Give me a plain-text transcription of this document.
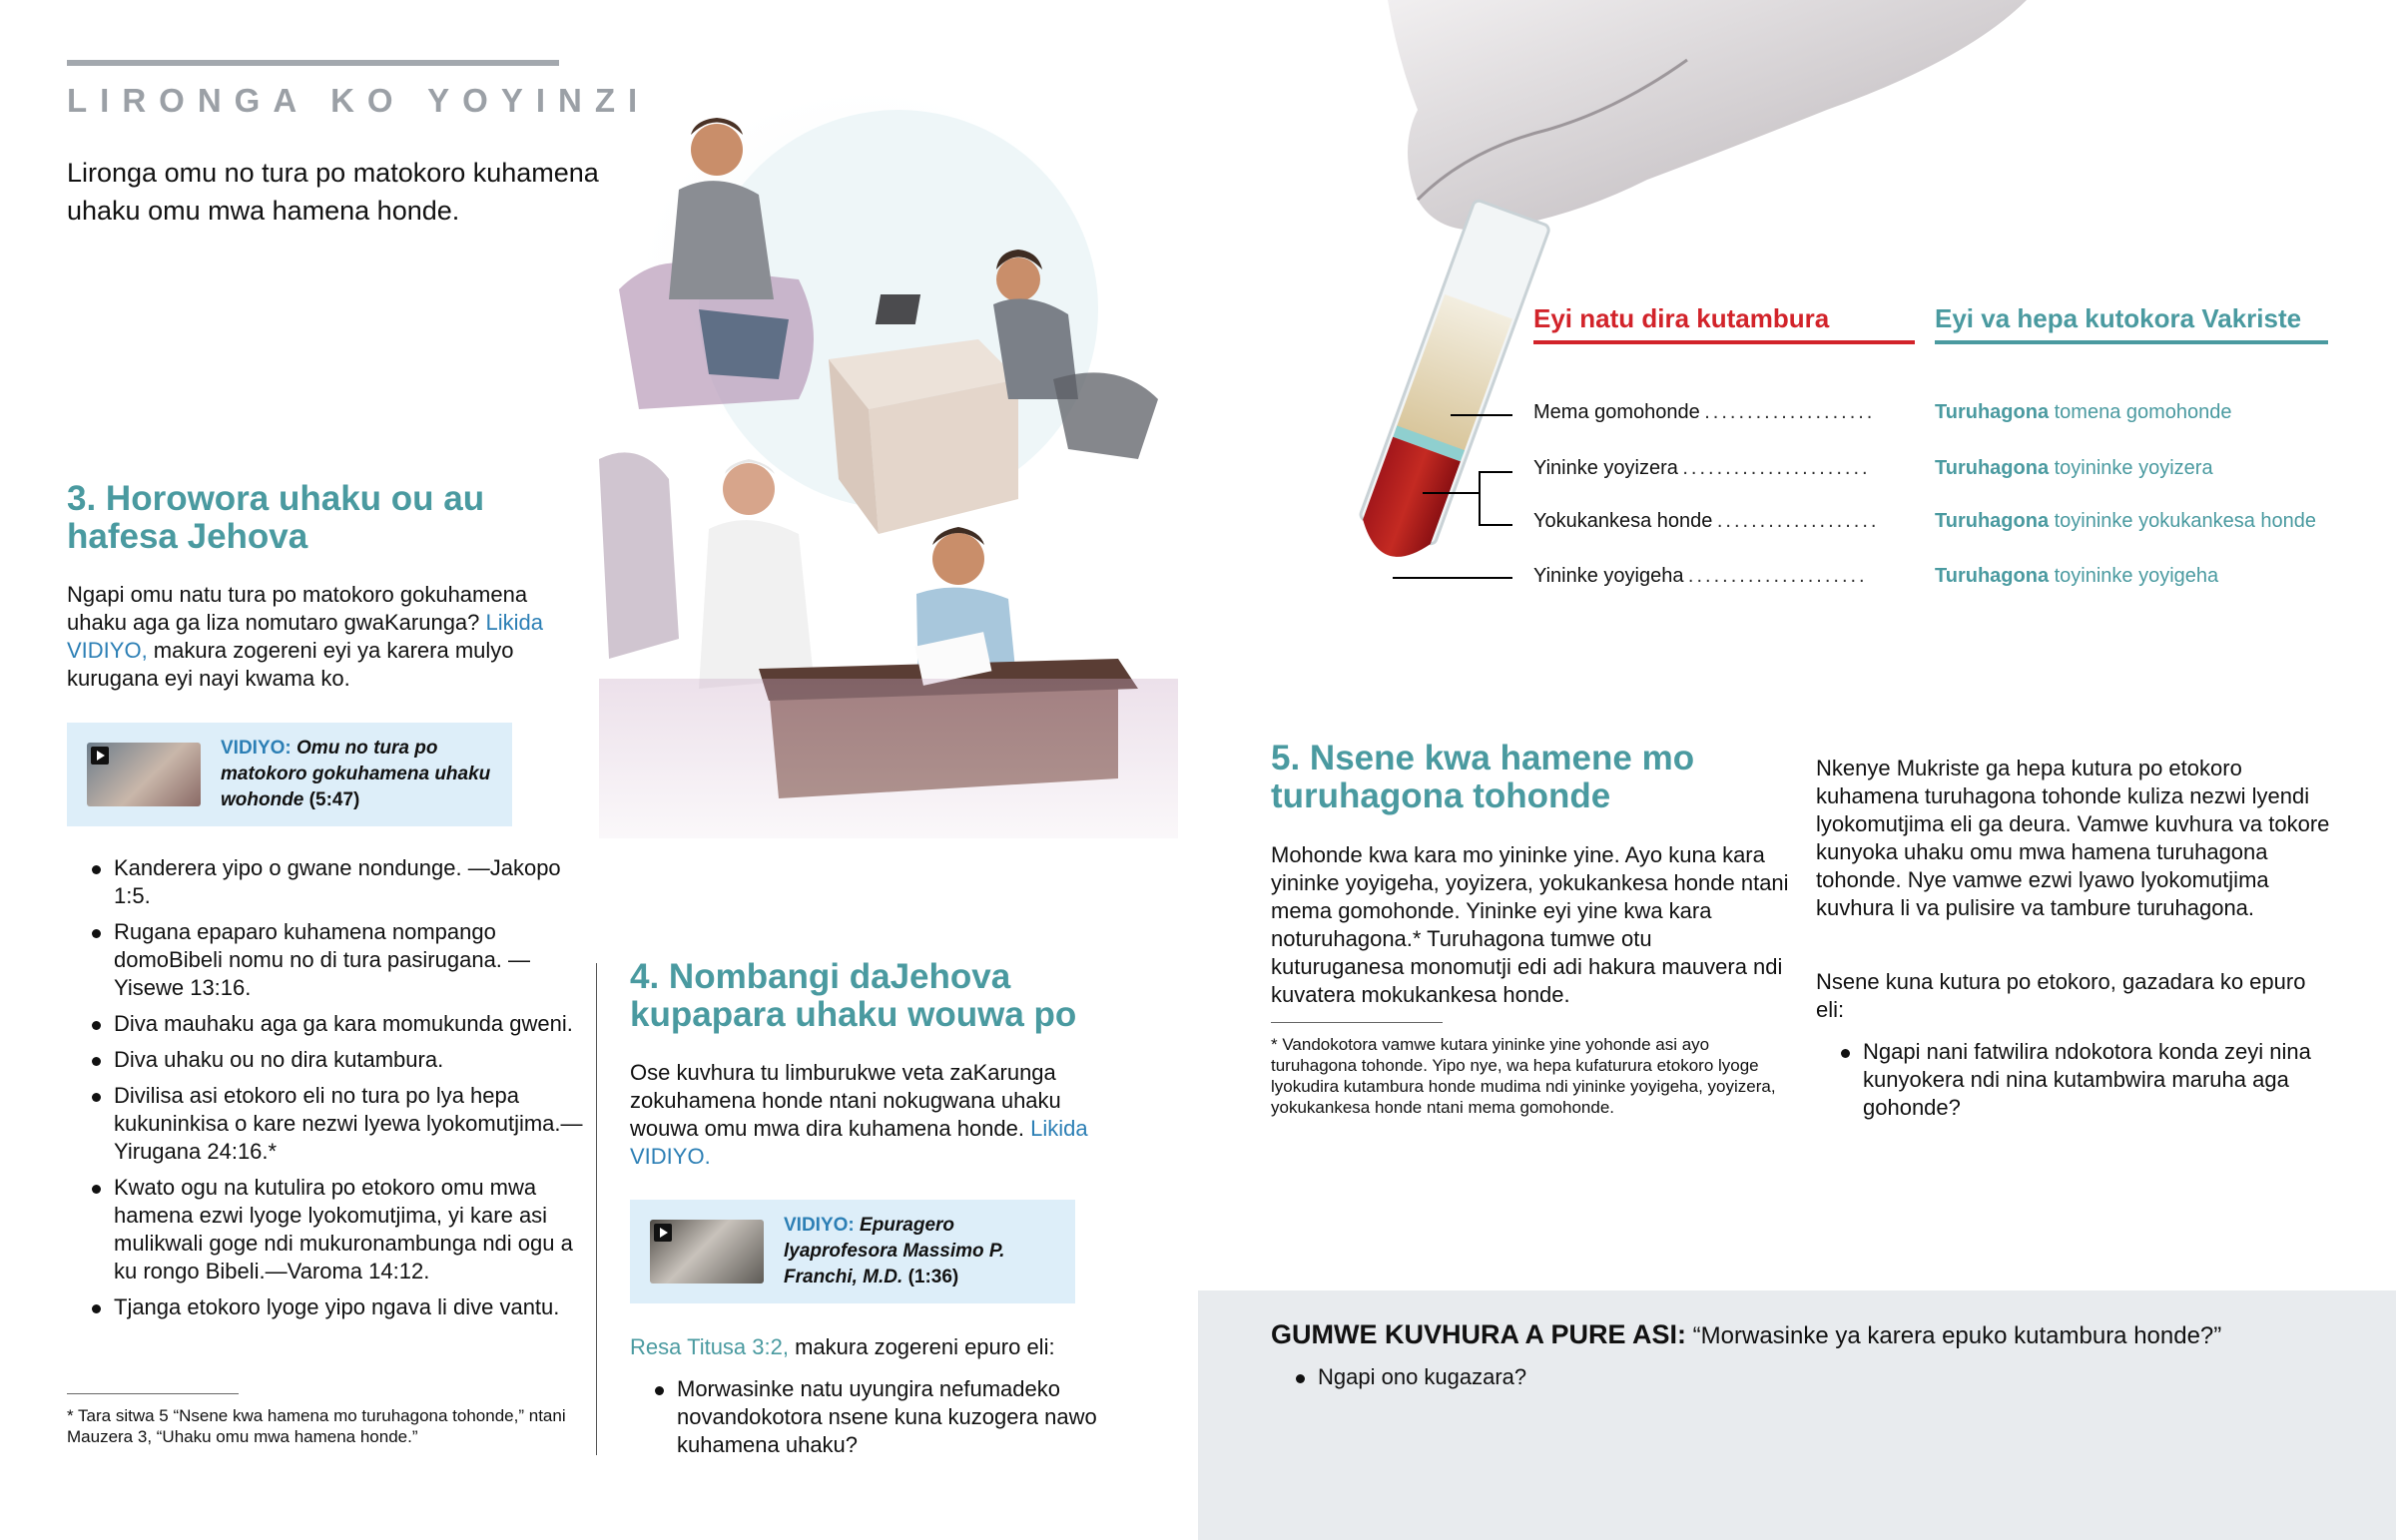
LIRONGA KO YOYINZI
Lironga omu no tura po matokoro kuhamena uhaku omu mwa hamena honde.
3. Horowora uhaku ou au hafesa Jehova
Ngapi omu natu tura po matokoro gokuhamena uhaku aga ga liza nomutaro gwaKarunga? Likida VIDIYO, makura zogereni eyi ya karera mulyo kurugana eyi nayi kwama ko.
VIDIYO: Omu no tura po matokoro gokuhamena uhaku wohonde (5:47)
Kanderera yipo o gwane nondunge. —Jakopo 1:5.
Rugana epaparo kuhamena nompango domoBibeli nomu no di tura pasirugana. —Yisewe 13:16.
Diva mauhaku aga ga kara momukunda gweni.
Diva uhaku ou no dira kutambura.
Divilisa asi etokoro eli no tura po lya hepa kukuninkisa o kare nezwi lyewa lyokomutjima.—Yirugana 24:16.*
Kwato ogu na kutulira po etokoro omu mwa hamena ezwi lyoge lyokomutjima, yi kare asi mulikwali goge ndi mukuronambunga ndi ogu a ku rongo Bibeli.—Varoma 14:12.
Tjanga etokoro lyoge yipo ngava li dive vantu.
* Tara sitwa 5 “Nsene kwa hamena mo turuhagona tohonde,” ntani Mauzera 3, “Uhaku omu mwa hamena honde.”
4. Nombangi daJehova kupapara uhaku wouwa po
Ose kuvhura tu limburukwe veta zaKarunga zokuhamena honde ntani nokugwana uhaku wouwa omu mwa dira kuhamena honde. Likida VIDIYO.
VIDIYO: Epuragero lyaprofesora Massimo P. Franchi, M.D. (1:36)
Resa Titusa 3:2, makura zogereni epuro eli:
Morwasinke natu uyungira nefumadeko novandokotora nsene kuna kuzogera nawo kuhamena uhaku?
Eyi natu dira kutambura	Eyi va hepa kutokora Vakriste
Mema gomohonde ....................	Turuhagona tomena gomohonde
Yininke yoyizera ......................	Turuhagona toyininke yoyizera
Yokukankesa honde ...................	Turuhagona toyininke yokukankesa honde
Yininke yoyigeha .....................	Turuhagona toyininke yoyigeha
5. Nsene kwa hamene mo turuhagona tohonde
Mohonde kwa kara mo yininke yine. Ayo kuna kara yininke yoyigeha, yoyizera, yokukankesa honde ntani mema gomohonde. Yininke eyi yine kwa kara noturuhagona.* Turuhagona tumwe otu kuturuganesa monomutji edi adi hakura mauvera ndi kuvatera mokukankesa honde.
* Vandokotora vamwe kutara yininke yine yohonde asi ayo turuhagona tohonde. Yipo nye, wa hepa kufaturura etokoro lyoge lyokudira kutambura honde mudima ndi yininke yoyigeha, yoyizera, yokukankesa honde ntani mema gomohonde.
Nkenye Mukriste ga hepa kutura po etokoro kuhamena turuhagona tohonde kuliza nezwi lyendi lyokomutjima eli ga deura. Vamwe kuvhura va tokore kunyoka uhaku omu mwa hamena turuhagona tohonde. Nye vamwe ezwi lyawo lyokomutjima kuvhura li va pulisire va tambure turuhagona.
Nsene kuna kutura po etokoro, gazadara ko epuro eli:
Ngapi nani fatwilira ndokotora konda zeyi nina kunyokera ndi nina kutambwira maruha aga gohonde?
GUMWE KUVHURA A PURE ASI: “Morwasinke ya karera epuko kutambura honde?”
Ngapi ono kugazara?
